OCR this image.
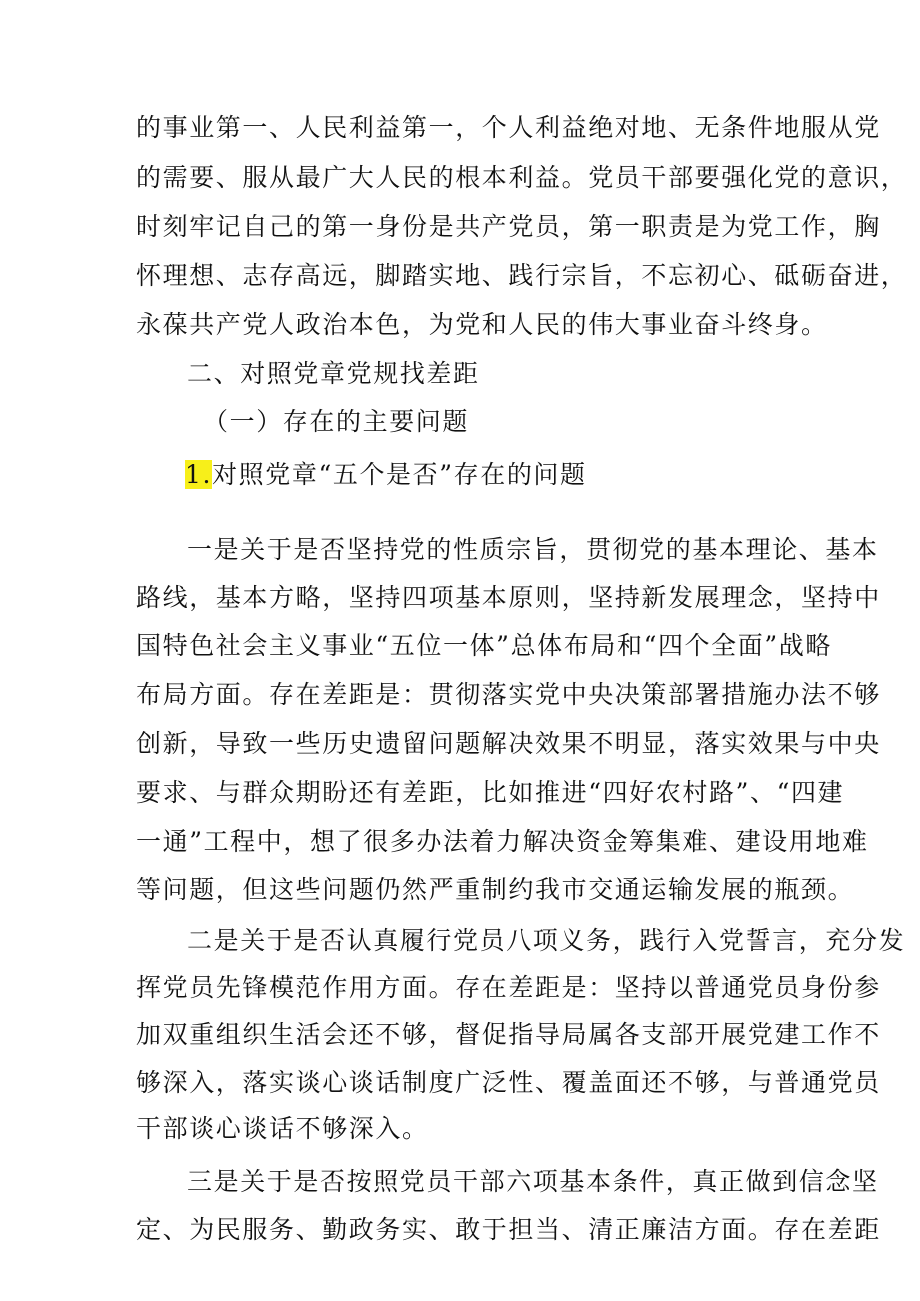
的事业第一、人民利益第一，个人利益绝对地、无条件地服从党
的需要、服从最广大人民的根本利益。党员干部要强化党的意识，
时刻牢记自己的第一身份是共产党员，第一职责是为党工作，胸
怀理想、志存高远，脚踏实地、践行宗旨，不忘初心、砥砺奋进，
永葆共产党人政治本色，为党和人民的伟大事业奋斗终身。
二、对照党章党规找差距
（一）存在的主要问题
1.对照党章“五个是否”存在的问题
一是关于是否坚持党的性质宗旨，贯彻党的基本理论、基本
路线，基本方略，坚持四项基本原则，坚持新发展理念，坚持中
国特色社会主义事业“五位一体”总体布局和“四个全面”战略
布局方面。存在差距是：贯彻落实党中央决策部署措施办法不够
创新，导致一些历史遗留问题解决效果不明显，落实效果与中央
要求、与群众期盼还有差距，比如推进“四好农村路”、“四建
一通”工程中，想了很多办法着力解决资金筹集难、建设用地难
等问题，但这些问题仍然严重制约我市交通运输发展的瓶颈。
二是关于是否认真履行党员八项义务，践行入党誓言，充分发
挥党员先锋模范作用方面。存在差距是：坚持以普通党员身份参
加双重组织生活会还不够，督促指导局属各支部开展党建工作不
够深入，落实谈心谈话制度广泛性、覆盖面还不够，与普通党员
干部谈心谈话不够深入。
三是关于是否按照党员干部六项基本条件，真正做到信念坚
定、为民服务、勤政务实、敢于担当、清正廉洁方面。存在差距
